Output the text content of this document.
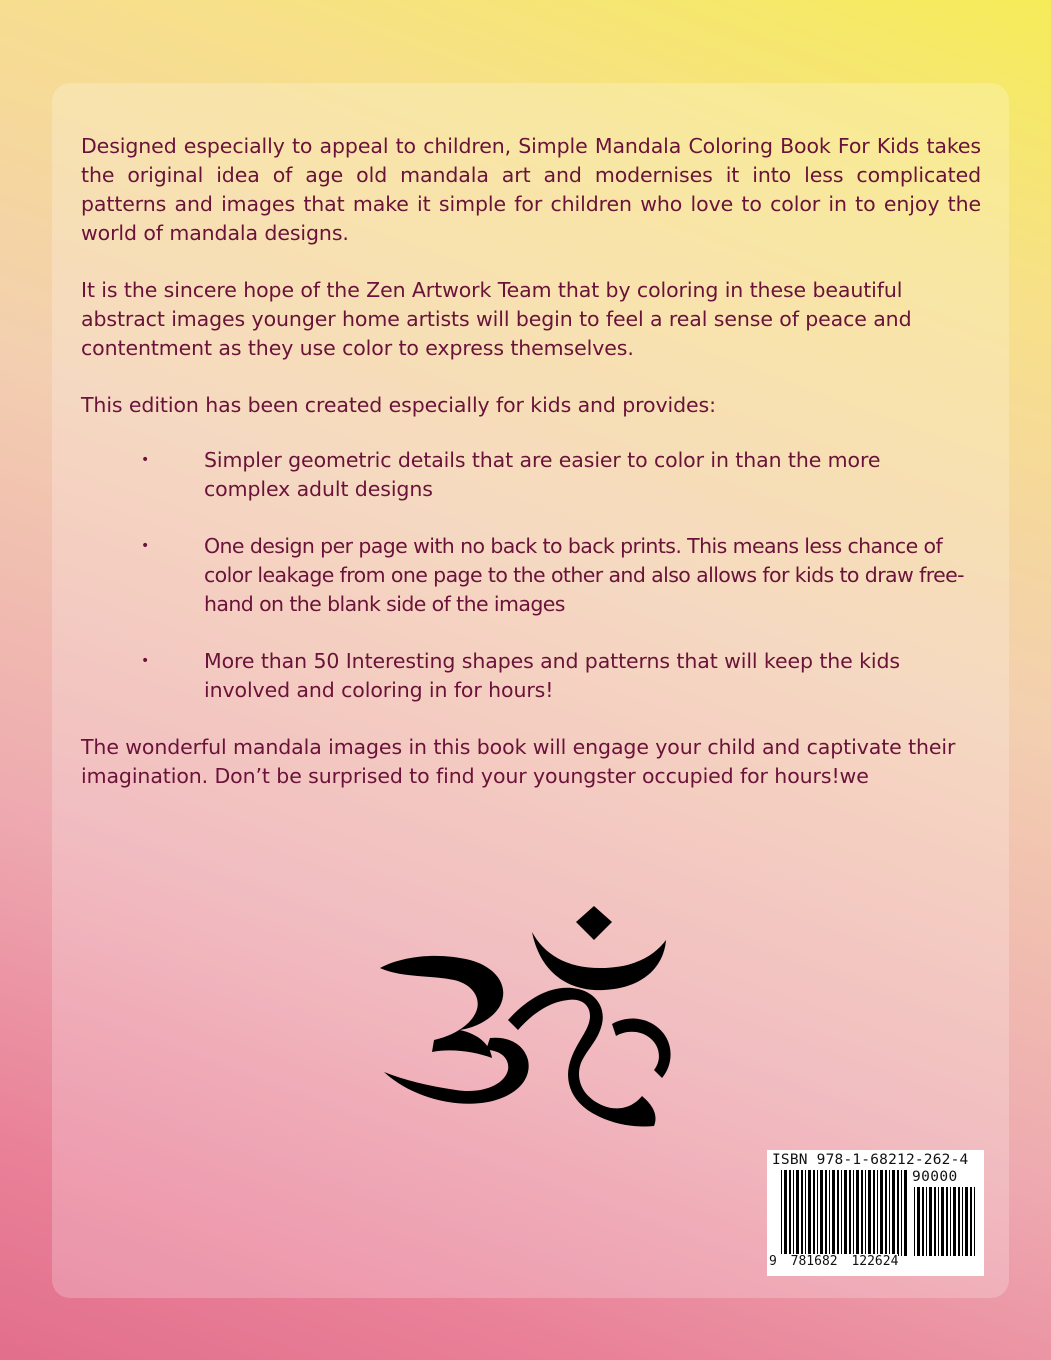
Designed especially to appeal to children, Simple Mandala Coloring Book For Kids takes the original idea of age old mandala art and modernises it into less complicated patterns and images that make it simple for children who love to color in to enjoy the world of mandala designs.

It is the sincere hope of the Zen Artwork Team that by coloring in these beautiful abstract images younger home artists will begin to feel a real sense of peace and contentment as they use color to express themselves.

This edition has been created especially for kids and provides:

•	Simpler geometric details that are easier to color in than the more complex adult designs
•	One design per page with no back to back prints. This means less chance of color leakage from one page to the other and also allows for kids to draw free-hand on the blank side of the images
•	More than 50 Interesting shapes and patterns that will keep the kids involved and coloring in for hours!

The wonderful mandala images in this book will engage your child and captivate their imagination. Don’t be surprised to find your youngster occupied for hours!we

ISBN 978-1-68212-262-4
90000
9 781682 122624
